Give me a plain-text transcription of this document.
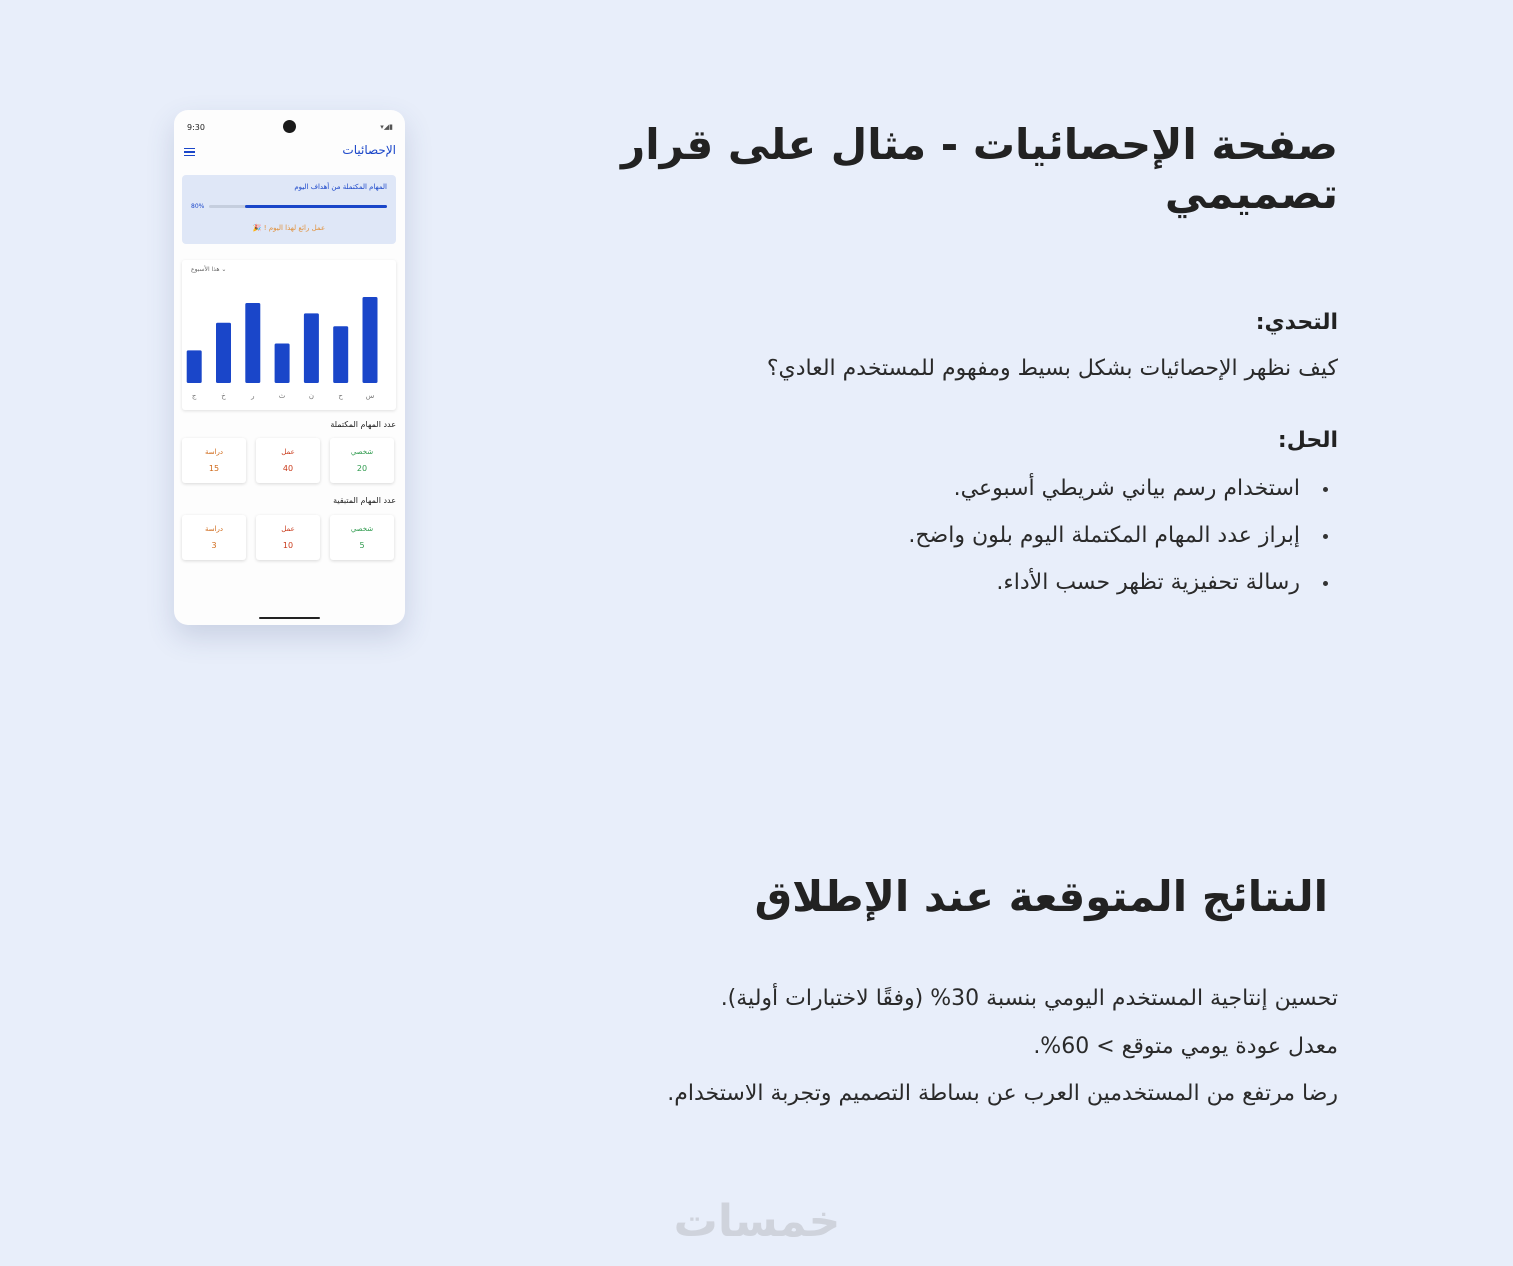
صفحة الإحصائيات - مثال على قرار تصميمي
التحدي:
كيف نظهر الإحصائيات بشكل بسيط ومفهوم للمستخدم العادي؟
الحل:
استخدام رسم بياني شريطي أسبوعي.
إبراز عدد المهام المكتملة اليوم بلون واضح.
رسالة تحفيزية تظهر حسب الأداء.
النتائج المتوقعة عند الإطلاق
تحسين إنتاجية المستخدم اليومي بنسبة 30% (وفقًا لاختبارات أولية).
معدل عودة يومي متوقع > 60%.
رضا مرتفع من المستخدمين العرب عن بساطة التصميم وتجربة الاستخدام.
خمسات
9:30	▾◢▮
الإحصائيات
المهام المكتملة من أهداف اليوم
80%
عمل رائع لهذا اليوم ! 🎉
⌄ هذا الأسبوع
س
ح
ن
ث
ر
خ
ج
عدد المهام المكتملة
شخصي
20
عمل
40
دراسة
15
عدد المهام المتبقية
شخصي
5
عمل
10
دراسة
3
